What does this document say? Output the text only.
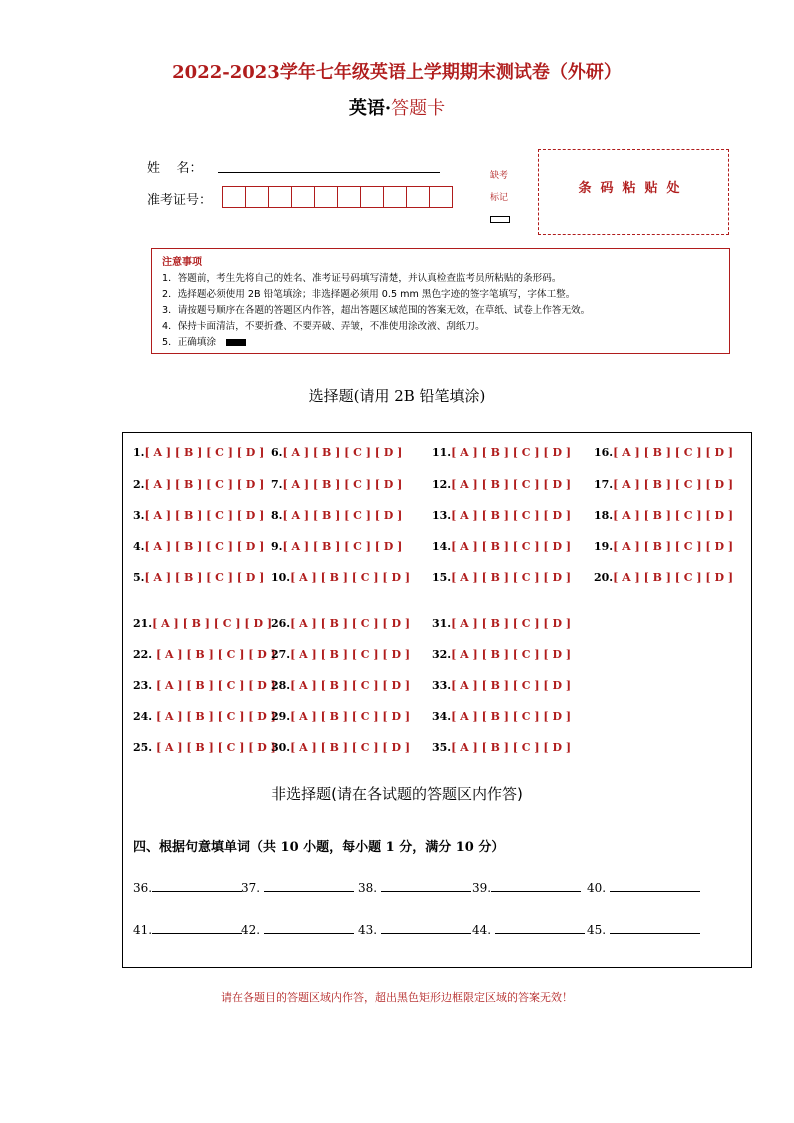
2022-2023学年七年级英语上学期期末测试卷（外研）
英语·答题卡
姓    名：
准考证号：
缺考
标记
条码粘贴处
注意事项
1．答题前，考生先将自己的姓名、准考证号码填写清楚，并认真检查监考员所粘贴的条形码。
2．选择题必须使用 2B 铅笔填涂；非选择题必须用 0.5 mm 黑色字迹的签字笔填写，字体工整。
3．请按题号顺序在各题的答题区内作答，超出答题区域范围的答案无效，在草纸、试卷上作答无效。
4．保持卡面清洁，不要折叠、不要弄破、弄皱，不准使用涂改液、刮纸刀。
5．正确填涂
选择题(请用 2B 铅笔填涂)
非选择题(请在各试题的答题区内作答)
四、根据句意填单词（共 10 小题，每小题 1 分，满分 10 分）
请在各题目的答题区域内作答，超出黑色矩形边框限定区域的答案无效！
1.[ A ] [ B ] [ C ] [ D ]
2.[ A ] [ B ] [ C ] [ D ]
3.[ A ] [ B ] [ C ] [ D ]
4.[ A ] [ B ] [ C ] [ D ]
5.[ A ] [ B ] [ C ] [ D ]
6.[ A ] [ B ] [ C ] [ D ]
7.[ A ] [ B ] [ C ] [ D ]
8.[ A ] [ B ] [ C ] [ D ]
9.[ A ] [ B ] [ C ] [ D ]
10.[ A ] [ B ] [ C ] [ D ]
11.[ A ] [ B ] [ C ] [ D ]
12.[ A ] [ B ] [ C ] [ D ]
13.[ A ] [ B ] [ C ] [ D ]
14.[ A ] [ B ] [ C ] [ D ]
15.[ A ] [ B ] [ C ] [ D ]
16.[ A ] [ B ] [ C ] [ D ]
17.[ A ] [ B ] [ C ] [ D ]
18.[ A ] [ B ] [ C ] [ D ]
19.[ A ] [ B ] [ C ] [ D ]
20.[ A ] [ B ] [ C ] [ D ]
21.[ A ] [ B ] [ C ] [ D ]
22. [ A ] [ B ] [ C ] [ D ]
23. [ A ] [ B ] [ C ] [ D ]
24. [ A ] [ B ] [ C ] [ D ]
25. [ A ] [ B ] [ C ] [ D ]
26.[ A ] [ B ] [ C ] [ D ]
27.[ A ] [ B ] [ C ] [ D ]
28.[ A ] [ B ] [ C ] [ D ]
29.[ A ] [ B ] [ C ] [ D ]
30.[ A ] [ B ] [ C ] [ D ]
31.[ A ] [ B ] [ C ] [ D ]
32.[ A ] [ B ] [ C ] [ D ]
33.[ A ] [ B ] [ C ] [ D ]
34.[ A ] [ B ] [ C ] [ D ]
35.[ A ] [ B ] [ C ] [ D ]
36.	37.	38.	39.	40.
41.	42.	43.	44.	45.
